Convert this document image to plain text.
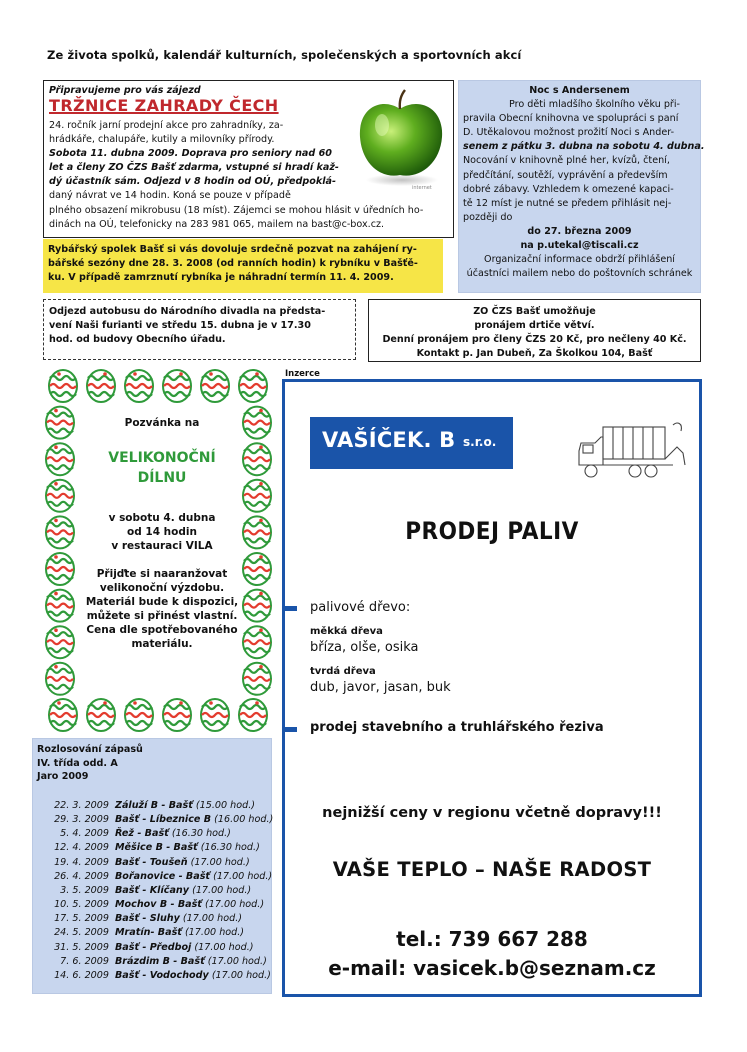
Ze života spolků, kalendář kulturních, společenských a sportovních akcí
Připravujeme pro vás zájezd
TRŽNICE ZAHRADY ČECH
24. ročník jarní prodejní akce pro zahradníky, za-
hrádkáře, chalupáře, kutily a milovníky přírody.
Sobota 11. dubna 2009. Doprava pro seniory nad 60
let a členy ZO ČZS Bašť zdarma, vstupné si hradí kaž-
dý účastník sám. Odjezd v 8 hodin od OÚ, předpoklá-
daný návrat ve 14 hodin. Koná se pouze v případě
plného obsazení mikrobusu (18 míst). Zájemci se mohou hlásit v úředních ho-
dinách na OÚ, telefonicky na 283 981 065, mailem na bast@c-box.cz.
internet
Noc s Andersenem
Pro děti mladšího školního věku při-
pravila Obecní knihovna ve spolupráci s paní
D. Utěkalovou možnost prožití Noci s Ander-
senem z pátku 3. dubna na sobotu 4. dubna.
Nocování v knihovně plné her, kvízů, čtení,
předčítání, soutěží, vyprávění a především
dobré zábavy. Vzhledem k omezené kapaci-
tě 12 míst je nutné se předem přihlásit nej-
později do
do 27. března 2009
na p.utekal@tiscali.cz
Organizační informace obdrží přihlášení
účastníci mailem nebo do poštovních schránek
Rybářský spolek Bašť si vás dovoluje srdečně pozvat na zahájení ry-
bářské sezóny dne 28. 3. 2008 (od ranních hodin) k rybníku v Bašťě-
ku. V případě zamrznutí rybníka je náhradní termín 11. 4. 2009.
Odjezd autobusu do Národního divadla na předsta-
vení Naši furianti ve středu 15. dubna je v 17.30
hod. od budovy Obecního úřadu.
ZO ČZS Bašť umožňuje
pronájem drtiče větví.
Denní pronájem pro členy ČZS 20 Kč, pro nečleny 40 Kč.
Kontakt p. Jan Dubeň, Za Školkou 104, Bašť
Pozvánka na
VELIKONOČNÍ
DÍLNU
v sobotu 4. dubna
od 14 hodin
v restauraci VILA
Přijďte si naaranžovat
velikonoční výzdobu.
Materiál bude k dispozici,
můžete si přinést vlastní.
Cena dle spotřebovaného
materiálu.
Rozlosování zápasů
IV. třída odd. A
Jaro 2009
22. 3. 2009 Záluží B - Bašť (15.00 hod.)
29. 3. 2009 Bašť - Líbeznice B (16.00 hod.)
5. 4. 2009 Řež - Bašť (16.30 hod.)
12. 4. 2009 Měšice B - Bašť (16.30 hod.)
19. 4. 2009 Bašť - Toušeň (17.00 hod.)
26. 4. 2009 Bořanovice - Bašť (17.00 hod.)
3. 5. 2009 Bašť - Klíčany (17.00 hod.)
10. 5. 2009 Mochov B - Bašť (17.00 hod.)
17. 5. 2009 Bašť - Sluhy (17.00 hod.)
24. 5. 2009 Mratín- Bašť (17.00 hod.)
31. 5. 2009 Bašť - Předboj (17.00 hod.)
7. 6. 2009 Brázdim B - Bašť (17.00 hod.)
14. 6. 2009 Bašť - Vodochody (17.00 hod.)
Inzerce
VAŠÍČEK. B s.r.o.
PRODEJ PALIV
palivové dřevo:
měkká dřeva
bříza, olše, osika
tvrdá dřeva
dub, javor, jasan, buk
prodej stavebního a truhlářského řeziva
nejnižší ceny v regionu včetně dopravy!!!
VAŠE TEPLO – NAŠE RADOST
tel.: 739 667 288
e-mail: vasicek.b@seznam.cz
